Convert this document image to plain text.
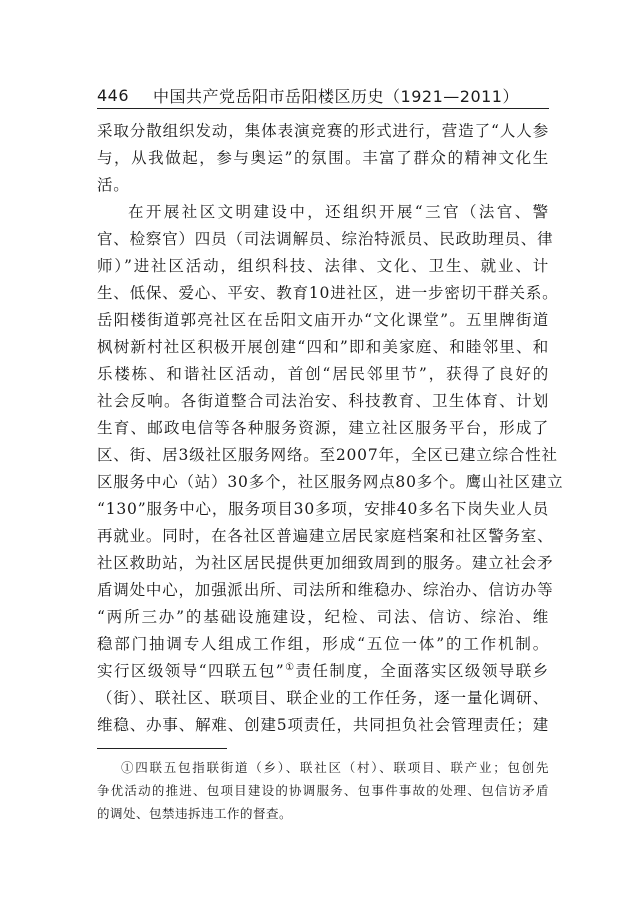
446 中国共产党岳阳市岳阳楼区历史（1921—2011）
采取分散组织发动，集体表演竞赛的形式进行，营造了“人人参
与，从我做起，参与奥运”的氛围。丰富了群众的精神文化生
活。
在开展社区文明建设中，还组织开展“三官（法官、警
官、检察官）四员（司法调解员、综治特派员、民政助理员、律
师）”进社区活动，组织科技、法律、文化、卫生、就业、计
生、低保、爱心、平安、教育10进社区，进一步密切干群关系。
岳阳楼街道郭亮社区在岳阳文庙开办“文化课堂”。五里牌街道
枫树新村社区积极开展创建“四和”即和美家庭、和睦邻里、和
乐楼栋、和谐社区活动，首创“居民邻里节”，获得了良好的
社会反响。各街道整合司法治安、科技教育、卫生体育、计划
生育、邮政电信等各种服务资源，建立社区服务平台，形成了
区、街、居3级社区服务网络。至2007年，全区已建立综合性社
区服务中心（站）30多个，社区服务网点80多个。鹰山社区建立
“130”服务中心，服务项目30多项，安排40多名下岗失业人员
再就业。同时，在各社区普遍建立居民家庭档案和社区警务室、
社区救助站，为社区居民提供更加细致周到的服务。建立社会矛
盾调处中心，加强派出所、司法所和维稳办、综治办、信访办等
“两所三办”的基础设施建设，纪检、司法、信访、综治、维
稳部门抽调专人组成工作组，形成“五位一体”的工作机制。
实行区级领导“四联五包”①责任制度，全面落实区级领导联乡
（街）、联社区、联项目、联企业的工作任务，逐一量化调研、
维稳、办事、解难、创建5项责任，共同担负社会管理责任；建
①四联五包指联街道（乡）、联社区（村）、联项目、联产业；包创先
争优活动的推进、包项目建设的协调服务、包事件事故的处理、包信访矛盾
的调处、包禁违拆违工作的督查。
